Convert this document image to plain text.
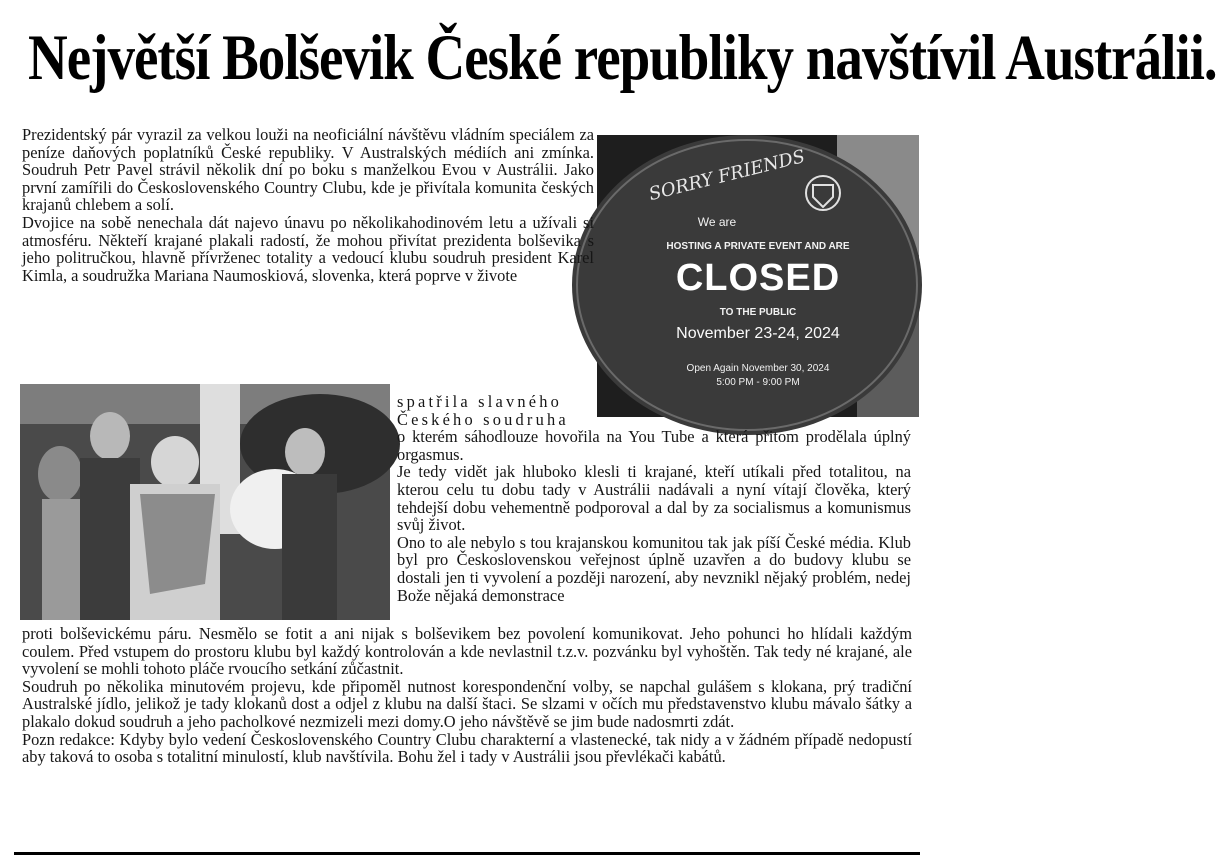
Největší Bolševik České republiky navštívil Austrálii.
SORRY FRIENDS
We are
HOSTING A PRIVATE EVENT AND ARE
CLOSED
TO THE PUBLIC
November 23-24, 2024
Open Again November 30, 2024
5:00 PM - 9:00 PM

Prezidentský pár vyrazil za velkou louži na neoficiální návštěvu vládním speciálem za peníze daňových poplatníků České republiky. V Australských médiích ani zmínka. Soudruh Petr Pavel strávil několik dní po boku s manželkou Evou v Austrálii. Jako první zamířili do Československého Country Clubu, kde je přivítala komunita českých krajanů chlebem a solí.

Dvojice na sobě nenechala dát najevo únavu po několikahodinovém letu a užívali si atmosféru. Někteří krajané plakali radostí, že mohou přivítat prezidenta bolševika s jeho politručkou, hlavně přívrženec totality a vedoucí klubu soudruh president Karel Kimla, a soudružka Mariana Naumoskiová, slovenka, která poprve v živote

spatřila slavného

Českého soudruha

o kterém sáhodlouze hovořila na You Tube a která přitom prodělala úplný orgasmus.

Je tedy vidět jak hluboko klesli ti krajané, kteří utíkali před totalitou, na kterou celu tu dobu tady v Austrálii nadávali a nyní vítají člověka, který tehdejší dobu vehementně podporoval a dal by za socialismus a komunismus svůj život.

Ono to ale nebylo s tou krajanskou komunitou tak jak píší České média. Klub byl pro Československou veřejnost úplně uzavřen a do budovy klubu se dostali jen ti vyvolení a později narození, aby nevznikl nějaký problém, nedej Bože nějaká demonstrace

proti bolševickému páru. Nesmělo se fotit a ani nijak s bolševikem bez povolení komunikovat. Jeho pohunci ho hlídali každým coulem. Před vstupem do prostoru klubu byl každý kontrolován a kde nevlastnil t.z.v. pozvánku byl vyhoštěn. Tak tedy né krajané, ale vyvolení se mohli tohoto pláče rvoucího setkání zůčastnit.

Soudruh po několika minutovém projevu, kde připoměl nutnost korespondenční volby, se napchal gulášem s klokana, prý tradiční Australské jídlo, jelikož je tady klokanů dost a odjel z klubu na další štaci. Se slzami v očích mu představenstvo klubu mávalo šátky a plakalo dokud soudruh a jeho pacholkové nezmizeli mezi domy.O jeho návštěvě se jim bude nadosmrti zdát.

Pozn redakce: Kdyby bylo vedení Československého Country Clubu charakterní a vlastenecké, tak nidy a v žádném případě nedopustí aby taková to osoba s totalitní minulostí, klub navštívila. Bohu žel i tady v Austrálii jsou převlékači kabátů.
